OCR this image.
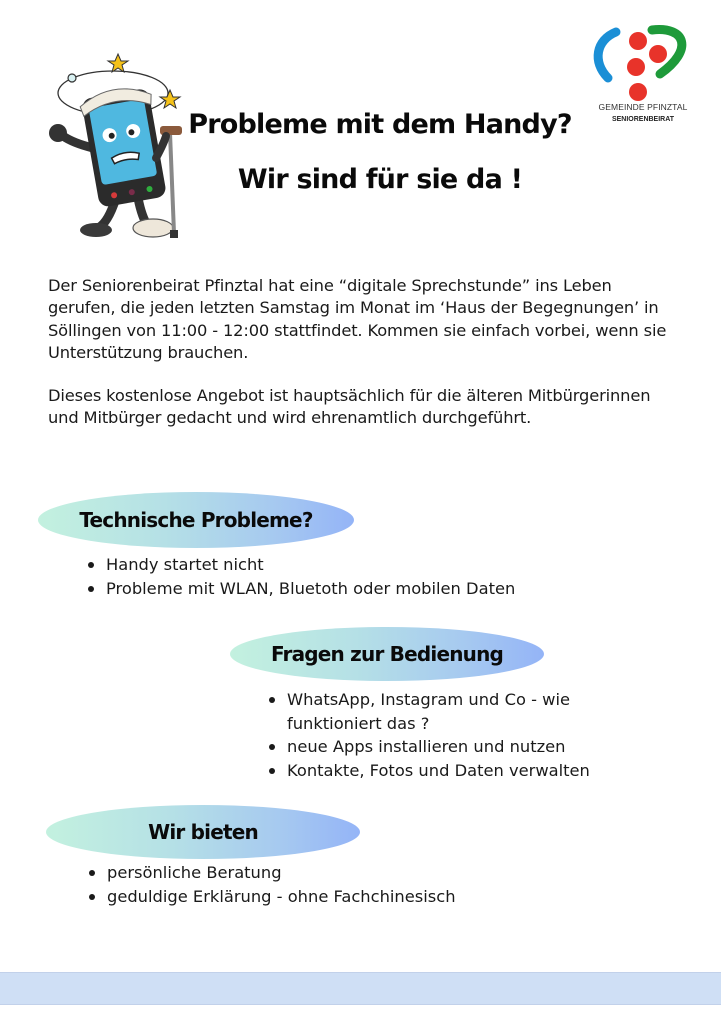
GEMEINDE PFINZTAL
SENIORENBEIRAT
Probleme mit dem Handy?
Wir sind für sie da !

Der Seniorenbeirat Pfinztal hat eine “digitale Sprechstunde” ins Leben gerufen, die jeden letzten Samstag im Monat im ‘Haus der Begegnungen’ in Söllingen von 11:00 - 12:00 stattfindet. Kommen sie einfach vorbei, wenn sie Unterstützung brauchen.

Dieses kostenlose Angebot ist hauptsächlich für die älteren Mitbürgerinnen und Mitbürger gedacht und wird ehrenamtlich durchgeführt.

Technische Probleme?
Handy startet nicht
Probleme mit WLAN, Bluetoth oder mobilen Daten
Fragen zur Bedienung
WhatsApp, Instagram und Co - wie funktioniert das ?
neue Apps installieren und nutzen
Kontakte, Fotos und Daten verwalten
Wir bieten
persönliche Beratung
geduldige Erklärung - ohne Fachchinesisch
